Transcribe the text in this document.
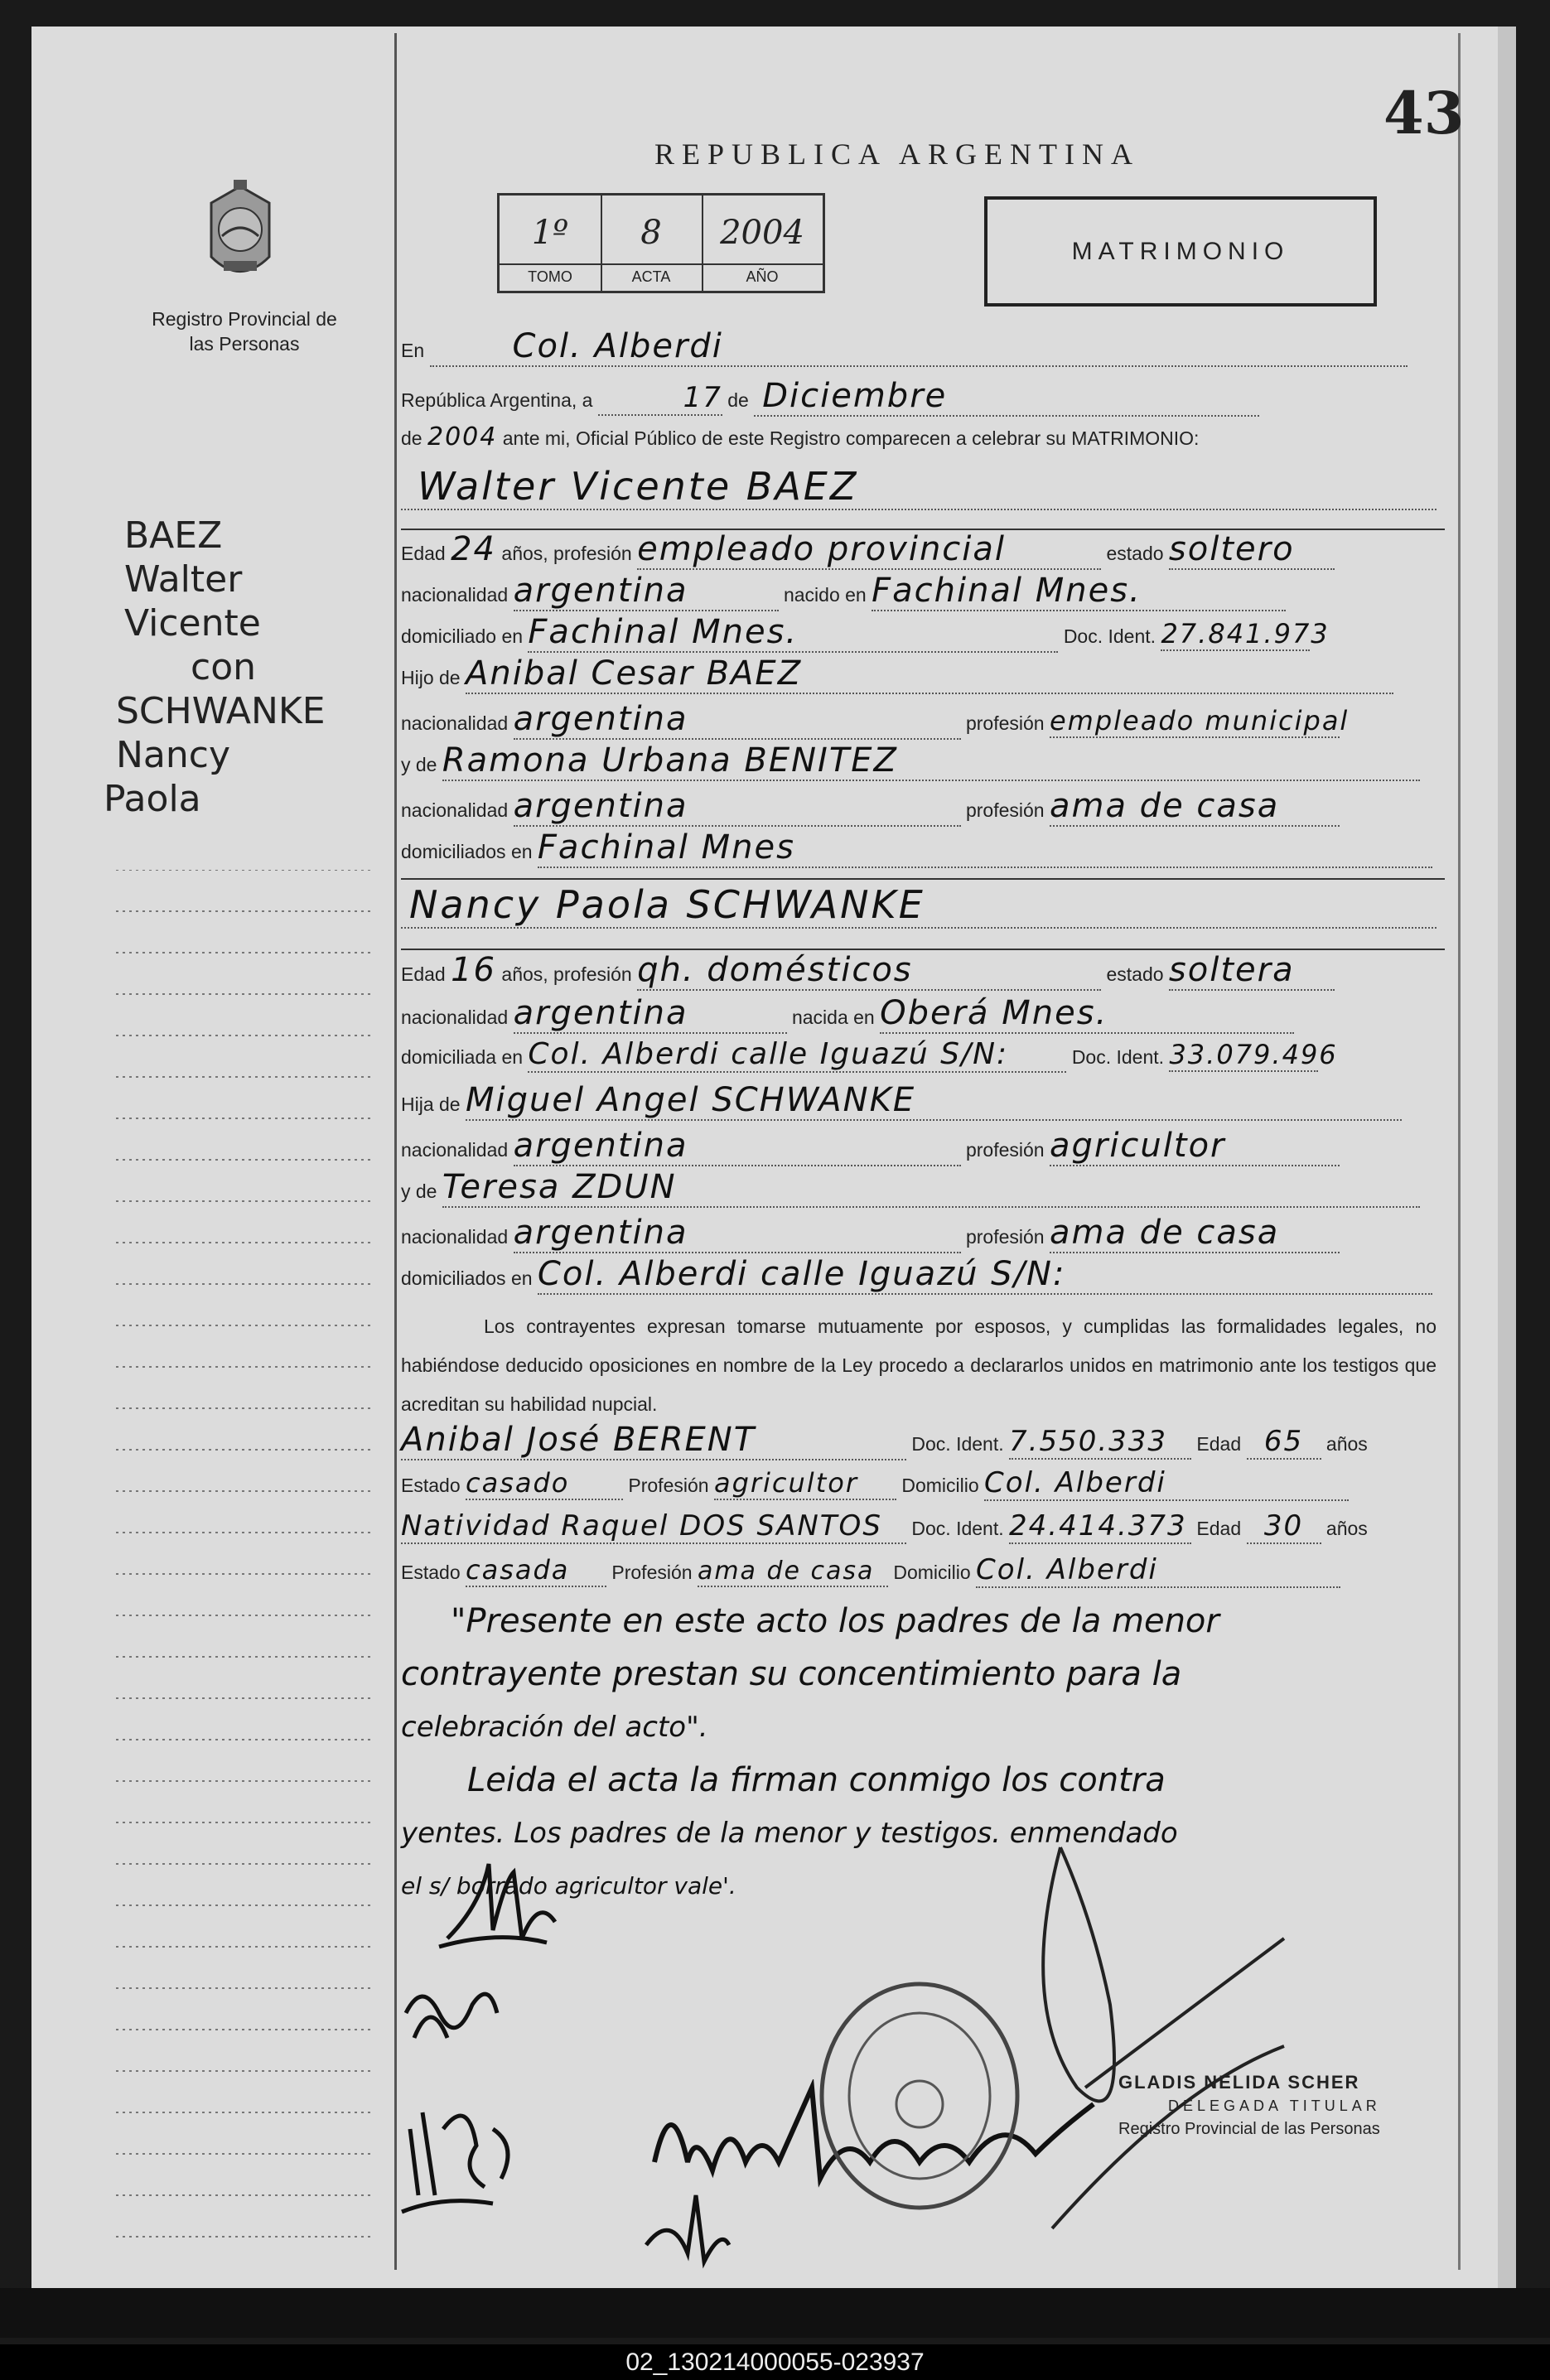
02_130214000055-023937
43
REPUBLICA ARGENTINA
1º
TOMO
8
ACTA
2004
AÑO
MATRIMONIO
Registro Provincial de las Personas
BAEZ
Walter
Vicente
con
SCHWANKE
Nancy
Paola
En	Col. Alberdi
República Argentina, a	17 de Diciembre
de 2004 ante mi, Oficial Público de este Registro comparecen a celebrar su MATRIMONIO:
Walter Vicente BAEZ
Edad 24 años, profesión empleado provincial	estado soltero
nacionalidad argentina	nacido en Fachinal Mnes.
domiciliado en Fachinal Mnes.	Doc. Ident. 27.841.973
Hijo de Anibal Cesar BAEZ
nacionalidad argentina	profesión empleado municipal
y de Ramona Urbana BENITEZ
nacionalidad argentina	profesión ama de casa
domiciliados en Fachinal Mnes
Nancy Paola SCHWANKE
Edad 16 años, profesión qh. domésticos	estado soltera
nacionalidad argentina	nacida en Oberá Mnes.
domiciliada en Col. Alberdi calle Iguazú S/N:	Doc. Ident. 33.079.496
Hija de Miguel Angel SCHWANKE
nacionalidad argentina	profesión agricultor
y de Teresa ZDUN
nacionalidad argentina	profesión ama de casa
domiciliados en Col. Alberdi calle Iguazú S/N:
Los contrayentes expresan tomarse mutuamente por esposos, y cumplidas las formalidades legales, no habiéndose deducido oposiciones en nombre de la Ley procedo a declararlos unidos en matrimonio ante los testigos que acreditan su habilidad nupcial.
Anibal José BERENT	Doc. Ident. 7.550.333 Edad 65 años
Estado casado	Profesión agricultor Domicilio Col. Alberdi
Natividad Raquel DOS SANTOS Doc. Ident. 24.414.373 Edad 30 años
Estado casada Profesión ama de casa Domicilio Col. Alberdi
"Presente en este acto los padres de la menor
contrayente prestan su concentimiento para la
celebración del acto".
Leida el acta la firman conmigo los contra
yentes. Los padres de la menor y testigos. enmendado
el s/ borrado agricultor vale'.
GLADIS NELIDA SCHER
DELEGADA TITULAR
Registro Provincial de las Personas
